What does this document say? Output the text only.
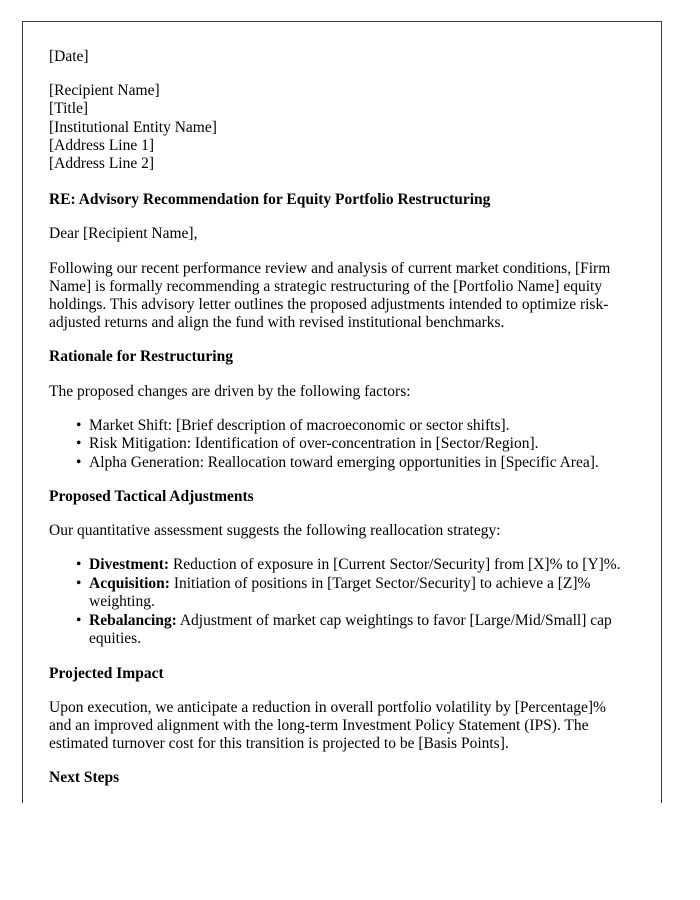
[Date]

[Recipient Name]
[Title]
[Institutional Entity Name]
[Address Line 1]
[Address Line 2]

RE: Advisory Recommendation for Equity Portfolio Restructuring

Dear [Recipient Name],

Following our recent performance review and analysis of current market conditions, [Firm Name] is formally recommending a strategic restructuring of the [Portfolio Name] equity holdings. This advisory letter outlines the proposed adjustments intended to optimize risk-adjusted returns and align the fund with revised institutional benchmarks.

Rationale for Restructuring

The proposed changes are driven by the following factors:

• Market Shift: [Brief description of macroeconomic or sector shifts].
• Risk Mitigation: Identification of over-concentration in [Sector/Region].
• Alpha Generation: Reallocation toward emerging opportunities in [Specific Area].

Proposed Tactical Adjustments

Our quantitative assessment suggests the following reallocation strategy:

• Divestment: Reduction of exposure in [Current Sector/Security] from [X]% to [Y]%.
• Acquisition: Initiation of positions in [Target Sector/Security] to achieve a [Z]% weighting.
• Rebalancing: Adjustment of market cap weightings to favor [Large/Mid/Small] cap equities.

Projected Impact

Upon execution, we anticipate a reduction in overall portfolio volatility by [Percentage]% and an improved alignment with the long-term Investment Policy Statement (IPS). The estimated turnover cost for this transition is projected to be [Basis Points].

Next Steps
